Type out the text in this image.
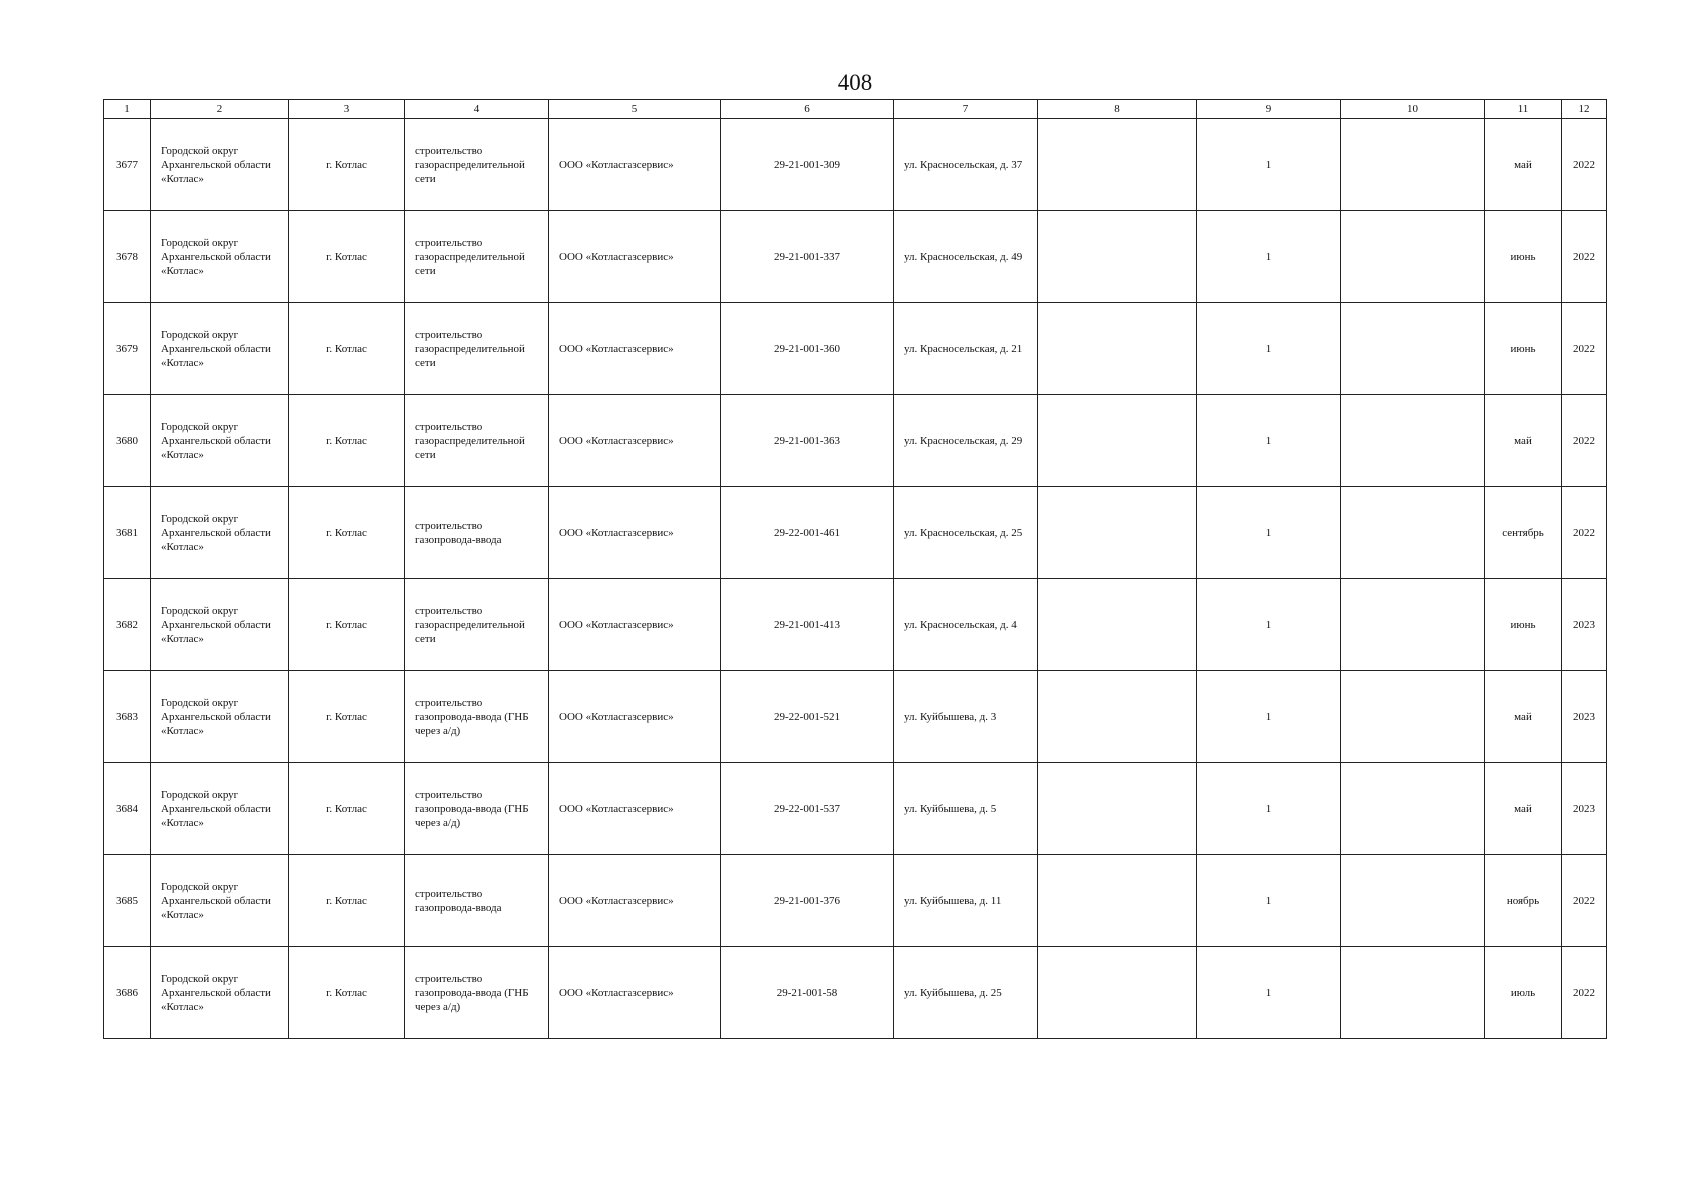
408
1	2	3	4	5	6	7	8	9	10	11	12
3677	Городской округ Архангельской области «Котлас»	г. Котлас	строительство газораспределительной сети	ООО «Котласгазсервис»	29-21-001-309	ул. Красносельская, д. 37		1		май	2022
3678	Городской округ Архангельской области «Котлас»	г. Котлас	строительство газораспределительной сети	ООО «Котласгазсервис»	29-21-001-337	ул. Красносельская, д. 49		1		июнь	2022
3679	Городской округ Архангельской области «Котлас»	г. Котлас	строительство газораспределительной сети	ООО «Котласгазсервис»	29-21-001-360	ул. Красносельская, д. 21		1		июнь	2022
3680	Городской округ Архангельской области «Котлас»	г. Котлас	строительство газораспределительной сети	ООО «Котласгазсервис»	29-21-001-363	ул. Красносельская, д. 29		1		май	2022
3681	Городской округ Архангельской области «Котлас»	г. Котлас	строительство газопровода-ввода	ООО «Котласгазсервис»	29-22-001-461	ул. Красносельская, д. 25		1		сентябрь	2022
3682	Городской округ Архангельской области «Котлас»	г. Котлас	строительство газораспределительной сети	ООО «Котласгазсервис»	29-21-001-413	ул. Красносельская, д. 4		1		июнь	2023
3683	Городской округ Архангельской области «Котлас»	г. Котлас	строительство газопровода-ввода (ГНБ через а/д)	ООО «Котласгазсервис»	29-22-001-521	ул. Куйбышева, д. 3		1		май	2023
3684	Городской округ Архангельской области «Котлас»	г. Котлас	строительство газопровода-ввода (ГНБ через а/д)	ООО «Котласгазсервис»	29-22-001-537	ул. Куйбышева, д. 5		1		май	2023
3685	Городской округ Архангельской области «Котлас»	г. Котлас	строительство газопровода-ввода	ООО «Котласгазсервис»	29-21-001-376	ул. Куйбышева, д. 11		1		ноябрь	2022
3686	Городской округ Архангельской области «Котлас»	г. Котлас	строительство газопровода-ввода (ГНБ через а/д)	ООО «Котласгазсервис»	29-21-001-58	ул. Куйбышева, д. 25		1		июль	2022
